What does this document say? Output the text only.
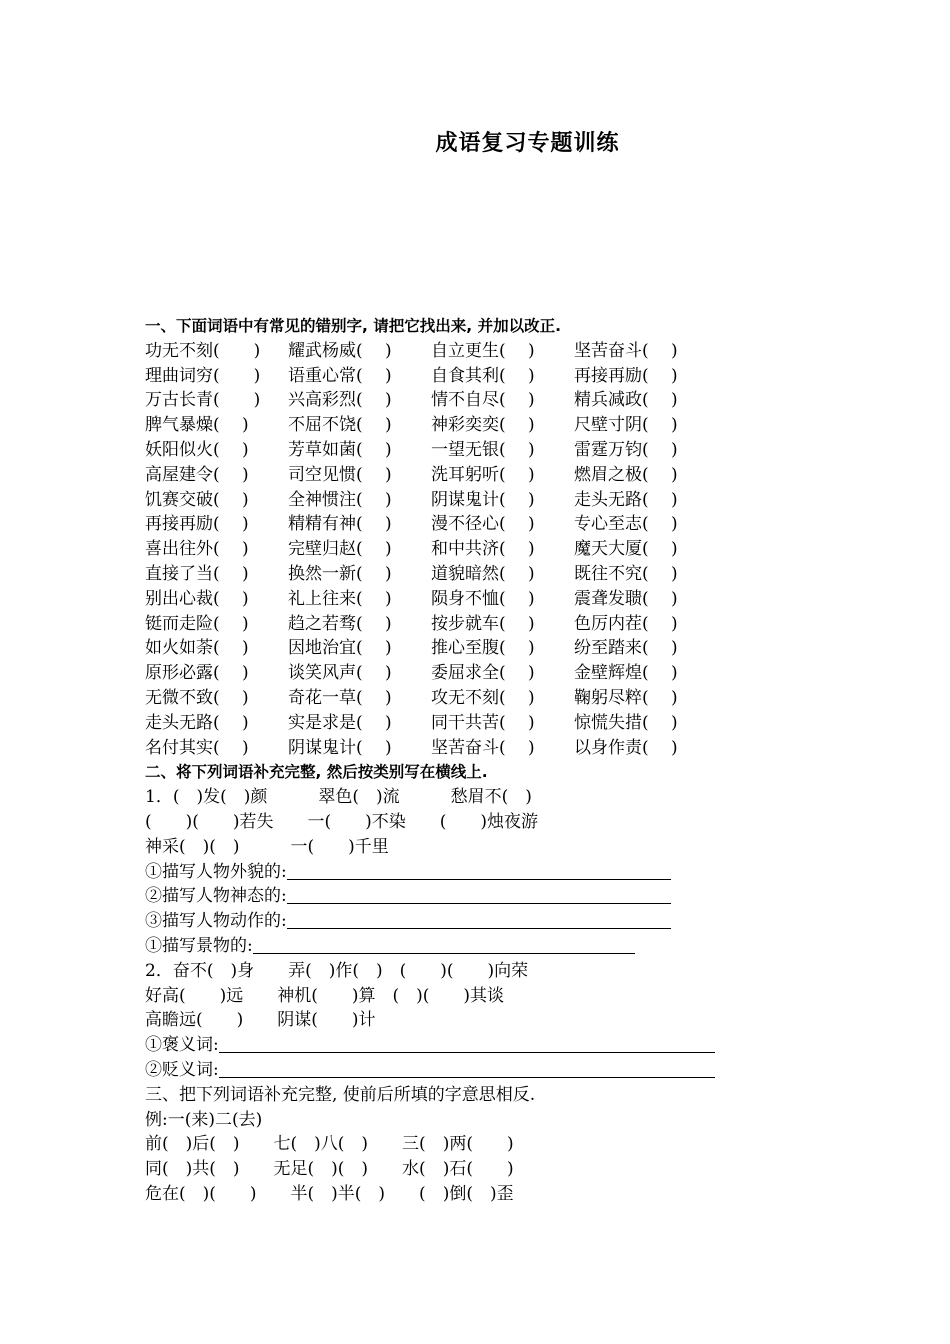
成语复习专题训练
一、下面词语中有常见的错别字, 请把它找出来, 并加以改正.
功无不刻(　　)	耀武杨威(　 )	自立更生(　 )	坚苦奋斗(　 )
理曲词穷(　　)	语重心常(　 )	自食其利(　 )	再接再励(　 )
万古长青(　　)	兴高彩烈(　 )	情不自尽(　 )	精兵减政(　 )
脾气暴燥(　 )	不屈不饶(　 )	神彩奕奕(　 )	尺壁寸阴(　 )
妖阳似火(　 )	芳草如菌(　 )	一望无银(　 )	雷霆万钧(　 )
高屋建令(　 )	司空见惯(　 )	洗耳躬听(　 )	燃眉之极(　 )
饥赛交破(　 )	全神惯注(　 )	阴谋鬼计(　 )	走头无路(　 )
再接再励(　 )	精精有神(　 )	漫不径心(　 )	专心至志(　 )
喜出往外(　 )	完壁归赵(　 )	和中共济(　 )	魔天大厦(　 )
直接了当(　 )	换然一新(　 )	道貌暗然(　 )	既往不究(　 )
别出心裁(　 )	礼上往来(　 )	陨身不恤(　 )	震聋发聩(　 )
铤而走险(　 )	趋之若骛(　 )	按步就车(　 )	色厉内茬(　 )
如火如荼(　 )	因地治宜(　 )	推心至腹(　 )	纷至踏来(　 )
原形必露(　 )	谈笑风声(　 )	委屈求全(　 )	金壁辉煌(　 )
无微不致(　 )	奇花一草(　 )	攻无不刻(　 )	鞠躬尽粹(　 )
走头无路(　 )	实是求是(　 )	同干共苦(　 )	惊慌失措(　 )
名付其实(　 )	阴谋鬼计(　 )	坚苦奋斗(　 )	以身作责(　 )
二、将下列词语补充完整, 然后按类别写在横线上.
1．(　)发(　)颜　　　翠色(　)流　　　愁眉不(　)
(　　)(　　)若失　　一(　　)不染　　(　　)烛夜游
神采(　)(　)　　　一(　　)千里
①描写人物外貌的:
②描写人物神态的:
③描写人物动作的:
①描写景物的:
2．奋不(　)身　　弄(　)作(　)　(　　)(　　)向荣
好高(　　)远　　神机(　　)算　(　)(　　)其谈
高瞻远(　　)　　阴谋(　　)计
①褒义词:
②贬义词:
三、把下列词语补充完整, 使前后所填的字意思相反.
例:一(来)二(去)
前(　)后(　)　　七(　)八(　)　　三(　)两(　　)
同(　)共(　)　　无足(　)(　)　　水(　)石(　　)
危在(　)(　　)　　半(　)半(　)　　(　)倒(　)歪
